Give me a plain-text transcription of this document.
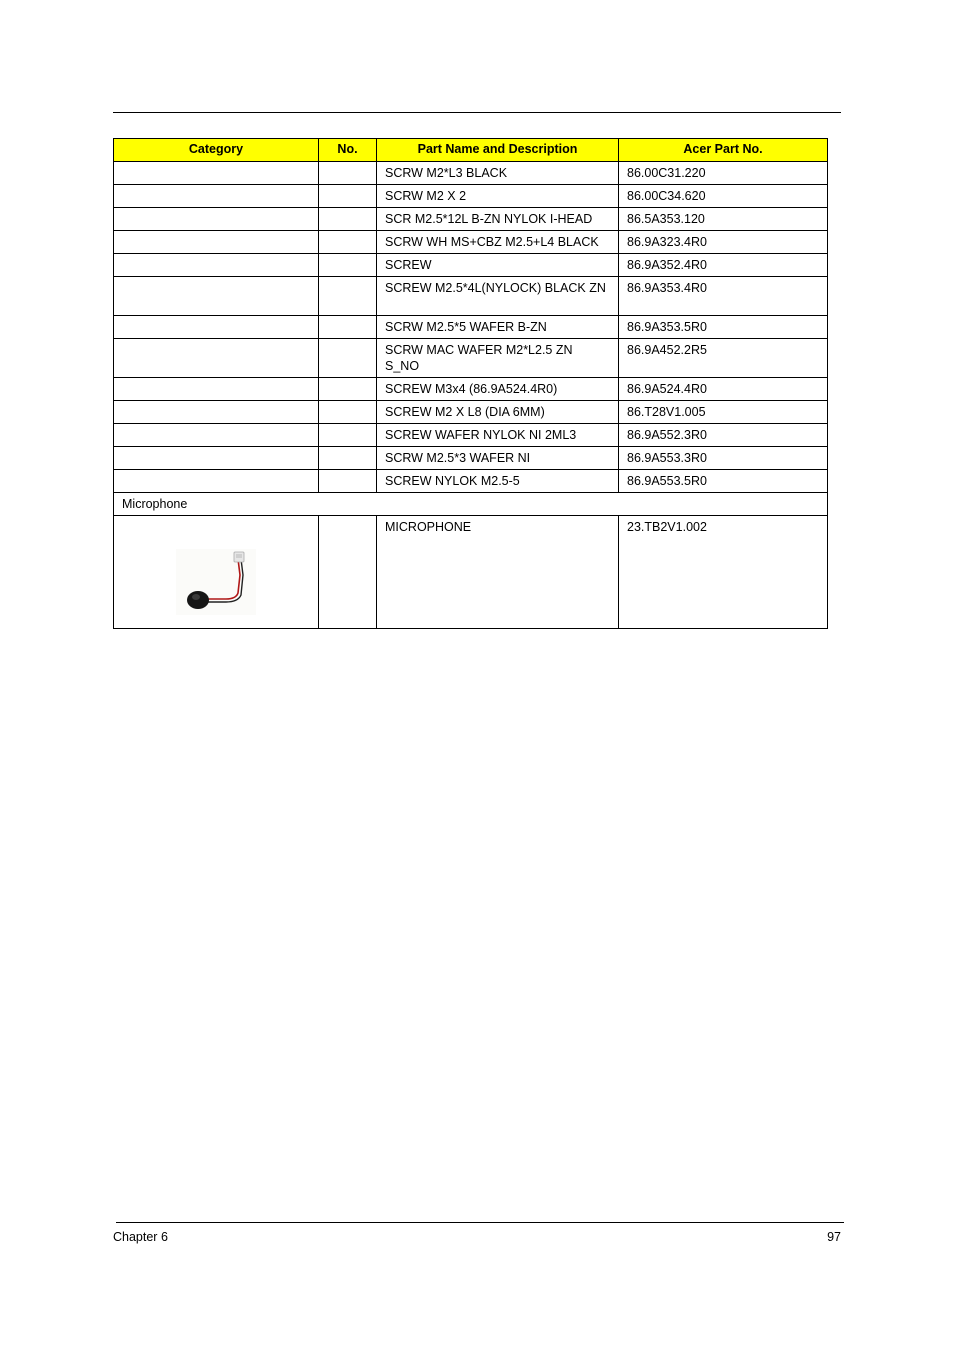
Category	No.	Part Name and Description	Acer Part No.
		SCRW M2*L3 BLACK	86.00C31.220
		SCRW M2 X 2	86.00C34.620
		SCR M2.5*12L B-ZN NYLOK I-HEAD	86.5A353.120
		SCRW WH MS+CBZ M2.5+L4 BLACK	86.9A323.4R0
		SCREW	86.9A352.4R0
		SCREW M2.5*4L(NYLOCK) BLACK ZN	86.9A353.4R0
		SCRW M2.5*5 WAFER B-ZN	86.9A353.5R0
		SCRW MAC WAFER M2*L2.5 ZN S_NO	86.9A452.2R5
		SCREW M3x4 (86.9A524.4R0)	86.9A524.4R0
		SCREW M2 X L8 (DIA 6MM)	86.T28V1.005
		SCREW WAFER NYLOK NI 2ML3	86.9A552.3R0
		SCRW M2.5*3 WAFER NI	86.9A553.3R0
		SCREW NYLOK M2.5-5	86.9A553.5R0
Microphone			

		MICROPHONE	23.TB2V1.002
Chapter 6	97
